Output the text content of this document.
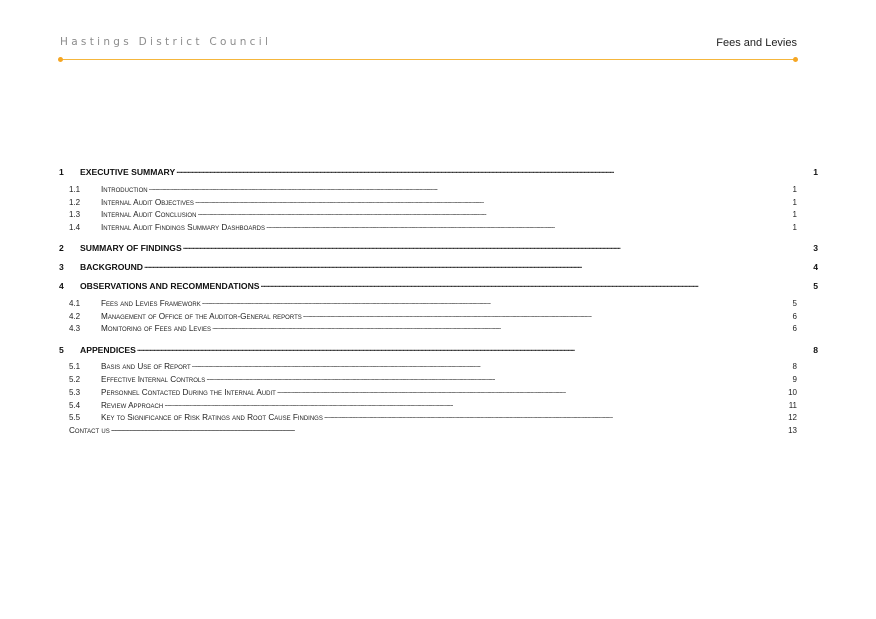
Hastings District Council	Fees and Levies
1	EXECUTIVE SUMMARY . . .	1
1.1	Introduction . . .	1
1.2	Internal Audit Objectives . . .	1
1.3	Internal Audit Conclusion . . .	1
1.4	Internal Audit Findings Summary Dashboards . . .	1
2	SUMMARY OF FINDINGS . . .	3
3	BACKGROUND . . .	4
4	OBSERVATIONS AND RECOMMENDATIONS . . .	5
4.1	Fees and Levies Framework . . .	5
4.2	Management of Office of the Auditor-General reports . . .	6
4.3	Monitoring of Fees and Levies . . .	6
5	APPENDICES . . .	8
5.1	Basis and Use of Report . . .	8
5.2	Effective Internal Controls . . .	9
5.3	Personnel Contacted During the Internal Audit . . .	10
5.4	Review Approach . . .	11
5.5	Key to Significance of Risk Ratings and Root Cause Findings . . .	12
Contact us . . .	13
